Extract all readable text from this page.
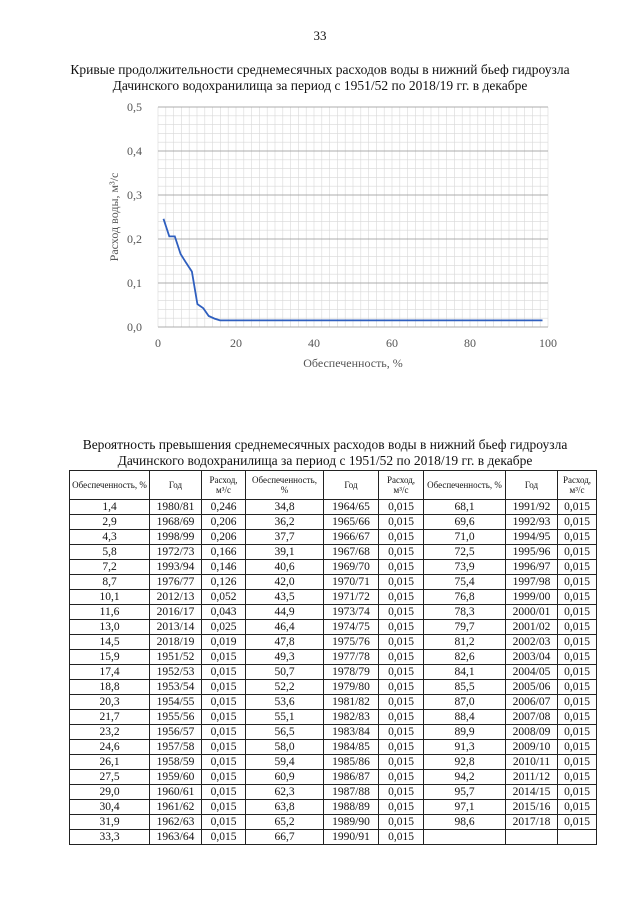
33
Кривые продолжительности среднемесячных расходов воды в нижний бьеф гидроузла Дачинского водохранилища за период с 1951/52 по 2018/19 гг. в декабре
0,0
0,1
0,2
0,3
0,4
0,5
0	20	40	60	80	100
Обеспеченность, %
Расход воды, м³/с
Вероятность превышения среднемесячных расходов воды в нижний бьеф гидроузла Дачинского водохранилища за период с 1951/52 по 2018/19 гг. в декабре
Обеспеченность, %	Год	Расход, м³/с	Обеспеченность, %	Год	Расход, м³/с	Обеспеченность, %	Год	Расход, м³/с
1,4	1980/81	0,246	34,8	1964/65	0,015	68,1	1991/92	0,015
2,9	1968/69	0,206	36,2	1965/66	0,015	69,6	1992/93	0,015
4,3	1998/99	0,206	37,7	1966/67	0,015	71,0	1994/95	0,015
5,8	1972/73	0,166	39,1	1967/68	0,015	72,5	1995/96	0,015
7,2	1993/94	0,146	40,6	1969/70	0,015	73,9	1996/97	0,015
8,7	1976/77	0,126	42,0	1970/71	0,015	75,4	1997/98	0,015
10,1	2012/13	0,052	43,5	1971/72	0,015	76,8	1999/00	0,015
11,6	2016/17	0,043	44,9	1973/74	0,015	78,3	2000/01	0,015
13,0	2013/14	0,025	46,4	1974/75	0,015	79,7	2001/02	0,015
14,5	2018/19	0,019	47,8	1975/76	0,015	81,2	2002/03	0,015
15,9	1951/52	0,015	49,3	1977/78	0,015	82,6	2003/04	0,015
17,4	1952/53	0,015	50,7	1978/79	0,015	84,1	2004/05	0,015
18,8	1953/54	0,015	52,2	1979/80	0,015	85,5	2005/06	0,015
20,3	1954/55	0,015	53,6	1981/82	0,015	87,0	2006/07	0,015
21,7	1955/56	0,015	55,1	1982/83	0,015	88,4	2007/08	0,015
23,2	1956/57	0,015	56,5	1983/84	0,015	89,9	2008/09	0,015
24,6	1957/58	0,015	58,0	1984/85	0,015	91,3	2009/10	0,015
26,1	1958/59	0,015	59,4	1985/86	0,015	92,8	2010/11	0,015
27,5	1959/60	0,015	60,9	1986/87	0,015	94,2	2011/12	0,015
29,0	1960/61	0,015	62,3	1987/88	0,015	95,7	2014/15	0,015
30,4	1961/62	0,015	63,8	1988/89	0,015	97,1	2015/16	0,015
31,9	1962/63	0,015	65,2	1989/90	0,015	98,6	2017/18	0,015
33,3	1963/64	0,015	66,7	1990/91	0,015			
